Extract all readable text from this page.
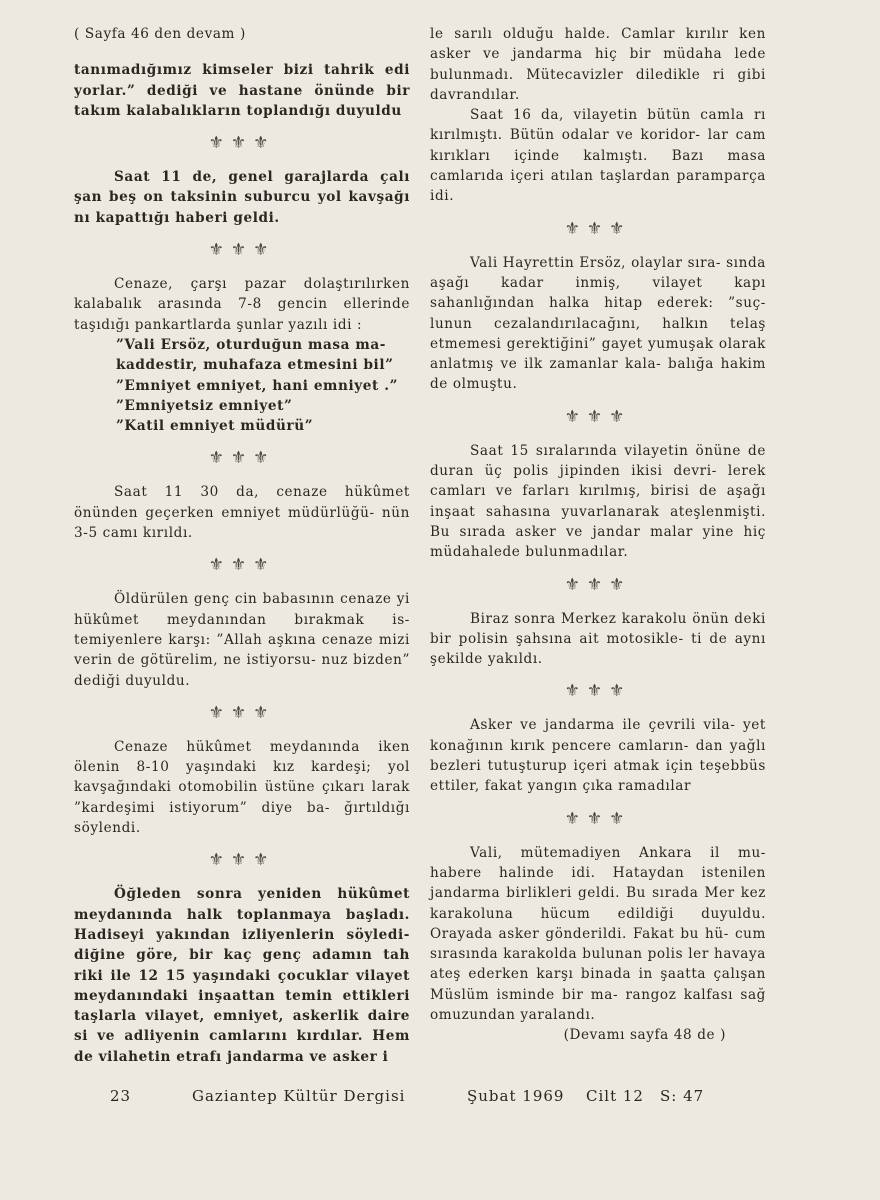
( Sayfa 46 den devam )

tanımadığımız kimseler bizi tahrik edi yorlar.” dediği ve hastane önünde bir takım kalabalıkların toplandığı duyuldu

⚜⚜⚜

Saat 11 de, genel garajlarda çalı şan beş on taksinin suburcu yol kavşağı nı kapattığı haberi geldi.

⚜⚜⚜

Cenaze, çarşı pazar dolaştırılırken kalabalık arasında 7-8 gencin ellerinde taşıdığı pankartlarda şunlar yazılı idi :

”Vali Ersöz, oturduğun masa ma- kaddestir, muhafaza etmesini bil”

”Emniyet emniyet, hani emniyet .”

”Emniyetsiz emniyet”

”Katil emniyet müdürü”

⚜⚜⚜

Saat 11 30 da, cenaze hükûmet önünden geçerken emniyet müdürlüğü- nün 3-5 camı kırıldı.

⚜⚜⚜

Öldürülen genç cin babasının cenaze yi hükûmet meydanından bırakmak is- temiyenlere karşı: ”Allah aşkına cenaze mizi verin de götürelim, ne istiyorsu- nuz bizden” dediği duyuldu.

⚜⚜⚜

Cenaze hükûmet meydanında iken ölenin 8-10 yaşındaki kız kardeşi; yol kavşağındaki otomobilin üstüne çıkarı larak ”kardeşimi istiyorum” diye ba- ğırtıldığı söylendi.

⚜⚜⚜

Öğleden sonra yeniden hükûmet meydanında halk toplanmaya başladı. Hadiseyi yakından izliyenlerin söyledi- diğine göre, bir kaç genç adamın tah riki ile 12 15 yaşındaki çocuklar vilayet meydanındaki inşaattan temin ettikleri taşlarla vilayet, emniyet, askerlik daire si ve adliyenin camlarını kırdılar. Hem de vilahetin etrafı jandarma ve asker i

le sarılı olduğu halde. Camlar kırılır ken asker ve jandarma hiç bir müdaha lede bulunmadı. Mütecavizler diledikle ri gibi davrandılar.

Saat 16 da, vilayetin bütün camla rı kırılmıştı. Bütün odalar ve koridor- lar cam kırıkları içinde kalmıştı. Bazı masa camlarıda içeri atılan taşlardan paramparça idi.

⚜⚜⚜

Vali Hayrettin Ersöz, olaylar sıra- sında aşağı kadar inmiş, vilayet kapı sahanlığından halka hitap ederek: ”suç- lunun cezalandırılacağını, halkın telaş etmemesi gerektiğini” gayet yumuşak olarak anlatmış ve ilk zamanlar kala- balığa hakim de olmuştu.

⚜⚜⚜

Saat 15 sıralarında vilayetin önüne de duran üç polis jipinden ikisi devri- lerek camları ve farları kırılmış, birisi de aşağı inşaat sahasına yuvarlanarak ateşlenmişti. Bu sırada asker ve jandar malar yine hiç müdahalede bulunmadılar.

⚜⚜⚜

Biraz sonra Merkez karakolu önün deki bir polisin şahsına ait motosikle- ti de aynı şekilde yakıldı.

⚜⚜⚜

Asker ve jandarma ile çevrili vila- yet konağının kırık pencere camların- dan yağlı bezleri tutuşturup içeri atmak için teşebbüs ettiler, fakat yangın çıka ramadılar

⚜⚜⚜

Vali, mütemadiyen Ankara il mu- habere halinde idi. Hataydan istenilen jandarma birlikleri geldi. Bu sırada Mer kez karakoluna hücum edildiği duyuldu. Orayada asker gönderildi. Fakat bu hü- cum sırasında karakolda bulunan polis ler havaya ateş ederken karşı binada in şaatta çalışan Müslüm isminde bir ma- rangoz kalfası sağ omuzundan yaralandı.

(Devamı sayfa 48 de )

23	Gaziantep Kültür Dergisi	Şubat 1969 Cilt 12 S: 47
